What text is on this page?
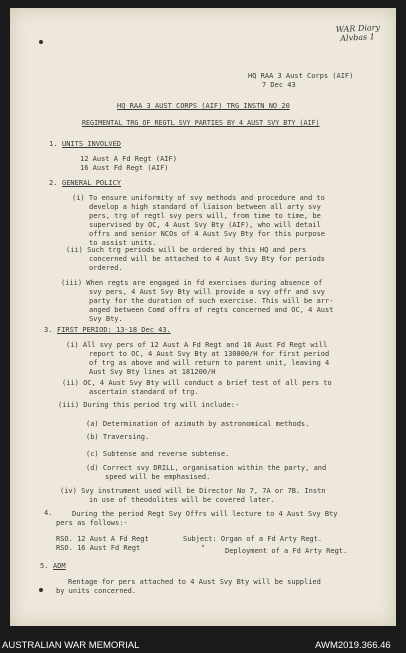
WAR Diary
Alvbas 1
HQ RAA 3 Aust Corps (AIF)
7 Dec 43
HQ RAA 3 AUST CORPS (AIF) TRG INSTN NO 20
REGIMENTAL TRG OF REGTL SVY PARTIES BY 4 AUST SVY BTY (AIF)
1. UNITS INVOLVED
12 Aust A Fd Regt (AIF)
16 Aust Fd Regt (AIF)
2. GENERAL POLICY
(i) To ensure uniformity of svy methods and procedure and to
develop a high standard of liaison between all arty svy
pers, trg of regtl svy pers will, from time to time, be
supervised by OC, 4 Aust Svy Bty (AIF), who will detail
offrs and senior NCOs of 4 Aust Svy Bty for this purpose
to assist units.
(ii) Such trg periods will be ordered by this HQ and pers
concerned will be attached to 4 Aust Svy Bty for periods
ordered.
(iii) When regts are engaged in fd exercises during absence of
svy pers, 4 Aust Svy Bty will provide a svy offr and svy
party for the duration of such exercise. This will be arr-
anged between Comd offrs of regts concerned and OC, 4 Aust
Svy Bty.
3. FIRST PERIOD: 13-18 Dec 43.
(i) All svy pers of 12 Aust A Fd Regt and 16 Aust Fd Regt will
report to OC, 4 Aust Svy Bty at 130800/H for first period
of trg as above and will return to parent unit, leaving 4
Aust Svy Bty lines at 181200/H
(ii) OC, 4 Aust Svy Bty will conduct a brief test of all pers to
ascertain standard of trg.
(iii) During this period trg will include:-
(a) Determination of azimuth by astronomical methods.
(b) Traversing.
(c) Subtense and reverse subtense.
(d) Correct svy DRILL, organisation within the party, and
speed will be emphasised.
(iv) Svy instrument used will be Director No 7, 7A or 7B. Instn
in use of theodolites will be covered later.
4.	During the period Regt Svy Offrs will lecture to 4 Aust Svy Bty
pers as follows:-
RSO. 12 Aust A Fd Regt	Subject: Organ of a Fd Arty Regt.
RSO. 16 Aust Fd Regt	"	Deployment of a Fd Arty Regt.
5. ADM
Rentage for pers attached to 4 Aust Svy Bty will be supplied
by units concerned.
AUSTRALIAN WAR MEMORIAL	AWM2019.366.46
